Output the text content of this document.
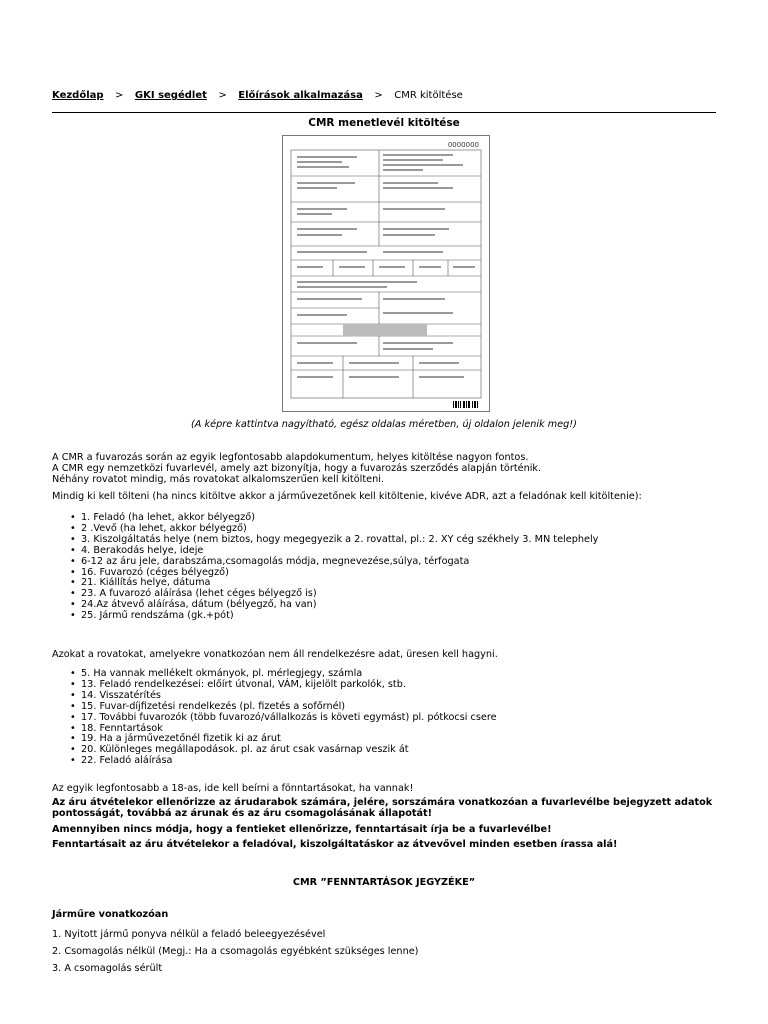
Kezdőlap > GKI segédlet > Előírások alkalmazása > CMR kitöltése
CMR menetlevél kitöltése
0000000
(A képre kattintva nagyítható, egész oldalas méretben, új oldalon jelenik meg!)
A CMR a fuvarozás során az egyik legfontosabb alapdokumentum, helyes kitöltése nagyon fontos.
A CMR egy nemzetközi fuvarlevél, amely azt bizonyítja, hogy a fuvarozás szerződés alapján történik.
Néhány rovatot mindig, más rovatokat alkalomszerűen kell kitölteni.
Mindig ki kell tölteni (ha nincs kitöltve akkor a járművezetőnek kell kitöltenie, kivéve ADR, azt a feladónak kell kitöltenie):
• 1. Feladó (ha lehet, akkor bélyegző)
• 2 .Vevő (ha lehet, akkor bélyegző)
• 3. Kiszolgáltatás helye (nem biztos, hogy megegyezik a 2. rovattal, pl.: 2. XY cég székhely 3. MN telephely
• 4. Berakodás helye, ideje
• 6-12 az áru jele, darabszáma,csomagolás módja, megnevezése,súlya, térfogata
• 16. Fuvarozó (céges bélyegző)
• 21. Kiállítás helye, dátuma
• 23. A fuvarozó aláírása (lehet céges bélyegző is)
• 24.Az átvevő aláírása, dátum (bélyegző, ha van)
• 25. Jármű rendszáma (gk.+pót)
Azokat a rovatokat, amelyekre vonatkozóan nem áll rendelkezésre adat, üresen kell hagyni.
• 5. Ha vannak mellékelt okmányok, pl. mérlegjegy, számla
• 13. Feladó rendelkezései: előírt útvonal, VÁM, kijelölt parkolók, stb.
• 14. Visszatérítés
• 15. Fuvar-díjfizetési rendelkezés (pl. fizetés a sofőrnél)
• 17. További fuvarozók (több fuvarozó/vállalkozás is követi egymást) pl. pótkocsi csere
• 18. Fenntartások
• 19. Ha a járművezetőnél fizetik ki az árut
• 20. Különleges megállapodások. pl. az árut csak vasárnap veszik át
• 22. Feladó aláírása
Az egyik legfontosabb a 18-as, ide kell beírni a fönntartásokat, ha vannak!

Az áru átvételekor ellenőrizze az árudarabok számára, jelére, sorszámára vonatkozóan a fuvarlevélbe bejegyzett adatok pontosságát, továbbá az árunak és az áru csomagolásának állapotát!

Amennyiben nincs módja, hogy a fentieket ellenőrizze, fenntartásait írja be a fuvarlevélbe!

Fenntartásait az áru átvételekor a feladóval, kiszolgáltatáskor az átvevővel minden esetben írassa alá!

CMR ”FENNTARTÁSOK JEGYZÉKE”
Járműre vonatkozóan
1. Nyitott jármű ponyva nélkül a feladó beleegyezésével
2. Csomagolás nélkül (Megj.: Ha a csomagolás egyébként szükséges lenne)
3. A csomagolás sérült
